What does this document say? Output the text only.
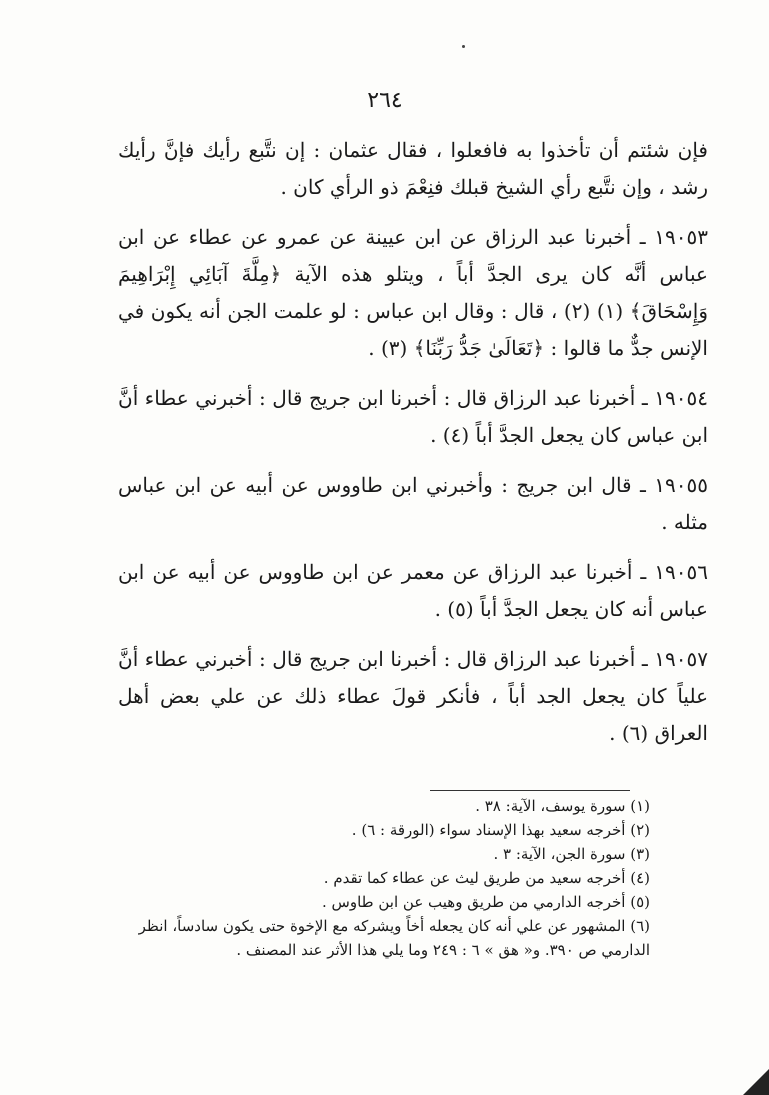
٢٦٤

فإن شئتم أن تأخذوا به فافعلوا ، فقال عثمان : إن نتَّبع رأيك فإنَّ رأيك رشد ، وإن نتَّبع رأي الشيخ قبلك فنِعْمَ ذو الرأي كان .

١٩٠٥٣ ـ أخبرنا عبد الرزاق عن ابن عيينة عن عمرو عن عطاء عن ابن عباس أنَّه كان يرى الجدَّ أباً ، ويتلو هذه الآية ﴿مِلَّةَ آبَائِي إِبْرَاهِيمَ وَإِسْحَاقَ﴾ (١) (٢) ، قال : وقال ابن عباس : لو علمت الجن أنه يكون في الإنس جدٌّ ما قالوا : ﴿تَعَالَىٰ جَدُّ رَبِّنَا﴾ (٣) .

١٩٠٥٤ ـ أخبرنا عبد الرزاق قال : أخبرنا ابن جريج قال : أخبرني عطاء أنَّ ابن عباس كان يجعل الجدَّ أباً (٤) .

١٩٠٥٥ ـ قال ابن جريج : وأخبرني ابن طاووس عن أبيه عن ابن عباس مثله .

١٩٠٥٦ ـ أخبرنا عبد الرزاق عن معمر عن ابن طاووس عن أبيه عن ابن عباس أنه كان يجعل الجدَّ أباً (٥) .

١٩٠٥٧ ـ أخبرنا عبد الرزاق قال : أخبرنا ابن جريج قال : أخبرني عطاء أنَّ علياً كان يجعل الجد أباً ، فأنكر قولَ عطاء ذلك عن علي بعض أهل العراق (٦) .

(١) سورة يوسف، الآية: ٣٨ .

(٢) أخرجه سعيد بهذا الإسناد سواء (الورقة : ٦) .

(٣) سورة الجن، الآية: ٣ .

(٤) أخرجه سعيد من طريق ليث عن عطاء كما تقدم .

(٥) أخرجه الدارمي من طريق وهيب عن ابن طاوس .

(٦) المشهور عن علي أنه كان يجعله أخاً ويشركه مع الإخوة حتى يكون سادساً، انظر الدارمي ص ٣٩٠. و« هق » ٦ : ٢٤٩ وما يلي هذا الأثر عند المصنف .
